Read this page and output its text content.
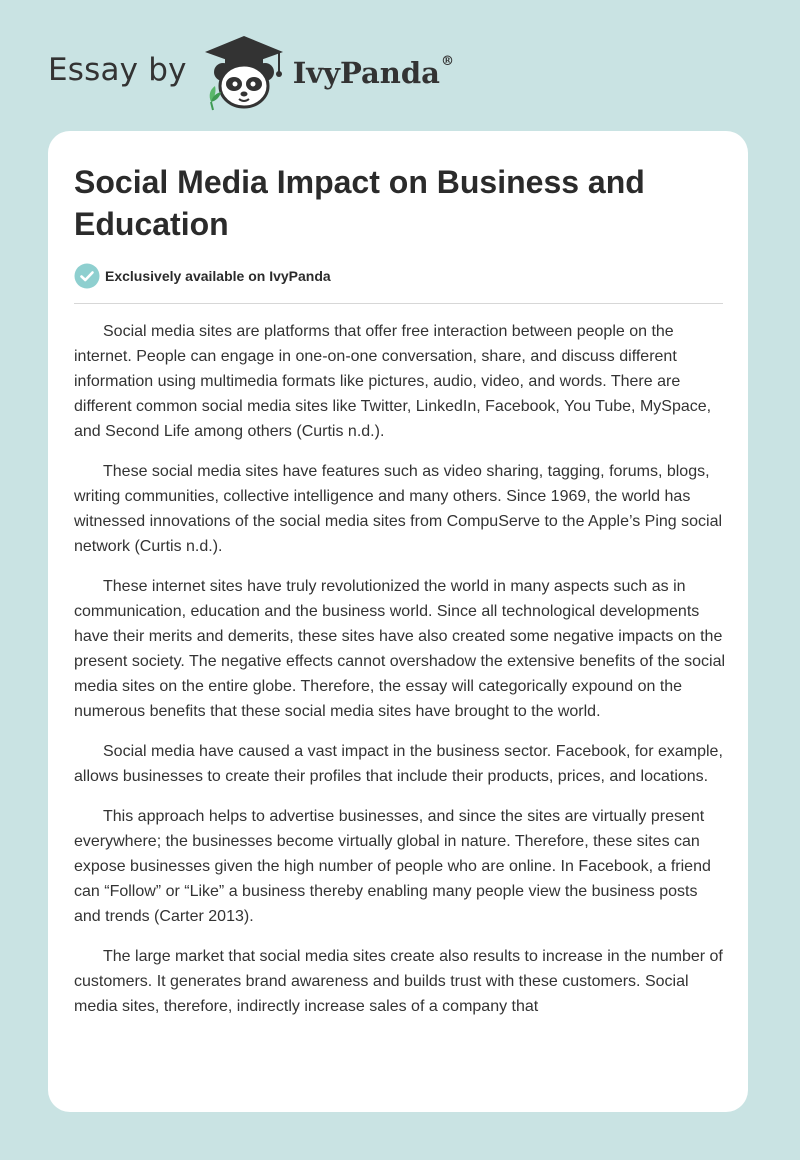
Essay by	IvyPanda®
Social Media Impact on Business and Education
Exclusively available on IvyPanda

Social media sites are platforms that offer free interaction between people on the internet. People can engage in one-on-one conversation, share, and discuss different information using multimedia formats like pictures, audio, video, and words. There are different common social media sites like Twitter, LinkedIn, Facebook, You Tube, MySpace, and Second Life among others (Curtis n.d.).

These social media sites have features such as video sharing, tagging, forums, blogs, writing communities, collective intelligence and many others. Since 1969, the world has witnessed innovations of the social media sites from CompuServe to the Apple’s Ping social network (Curtis n.d.).

These internet sites have truly revolutionized the world in many aspects such as in communication, education and the business world. Since all technological developments have their merits and demerits, these sites have also created some negative impacts on the present society. The negative effects cannot overshadow the extensive benefits of the social media sites on the entire globe. Therefore, the essay will categorically expound on the numerous benefits that these social media sites have brought to the world.

Social media have caused a vast impact in the business sector. Facebook, for example, allows businesses to create their profiles that include their products, prices, and locations.

This approach helps to advertise businesses, and since the sites are virtually present everywhere; the businesses become virtually global in nature. Therefore, these sites can expose businesses given the high number of people who are online. In Facebook, a friend can “Follow” or “Like” a business thereby enabling many people view the business posts and trends (Carter 2013).

The large market that social media sites create also results to increase in the number of customers. It generates brand awareness and builds trust with these customers. Social media sites, therefore, indirectly increase sales of a company that
